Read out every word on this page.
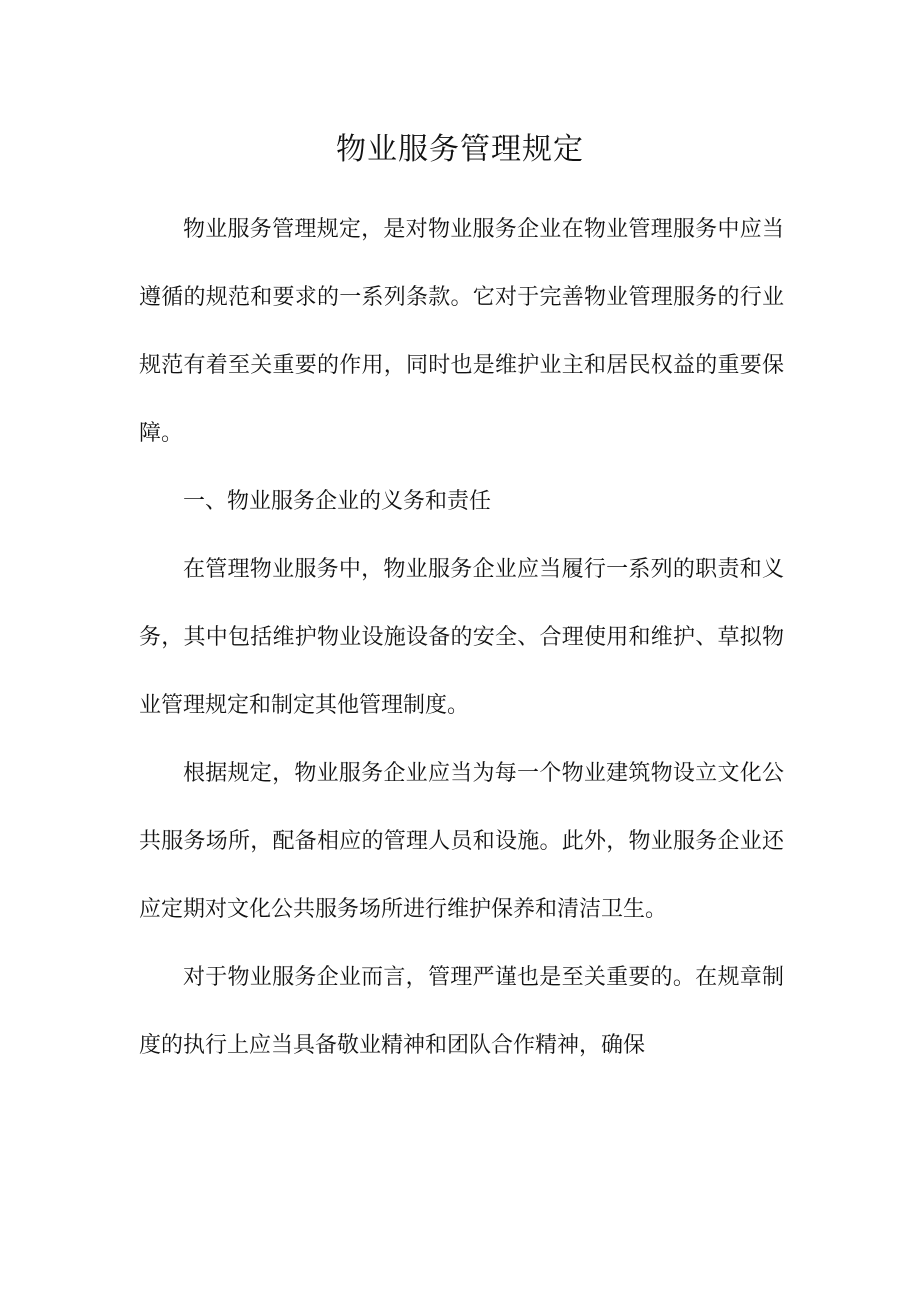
物业服务管理规定

物业服务管理规定，是对物业服务企业在物业管理服务中应当遵循的规范和要求的一系列条款。它对于完善物业管理服务的行业规范有着至关重要的作用，同时也是维护业主和居民权益的重要保障。

一、物业服务企业的义务和责任

在管理物业服务中，物业服务企业应当履行一系列的职责和义务，其中包括维护物业设施设备的安全、合理使用和维护、草拟物业管理规定和制定其他管理制度。

根据规定，物业服务企业应当为每一个物业建筑物设立文化公共服务场所，配备相应的管理人员和设施。此外，物业服务企业还应定期对文化公共服务场所进行维护保养和清洁卫生。

对于物业服务企业而言，管理严谨也是至关重要的。在规章制度的执行上应当具备敬业精神和团队合作精神，确保
